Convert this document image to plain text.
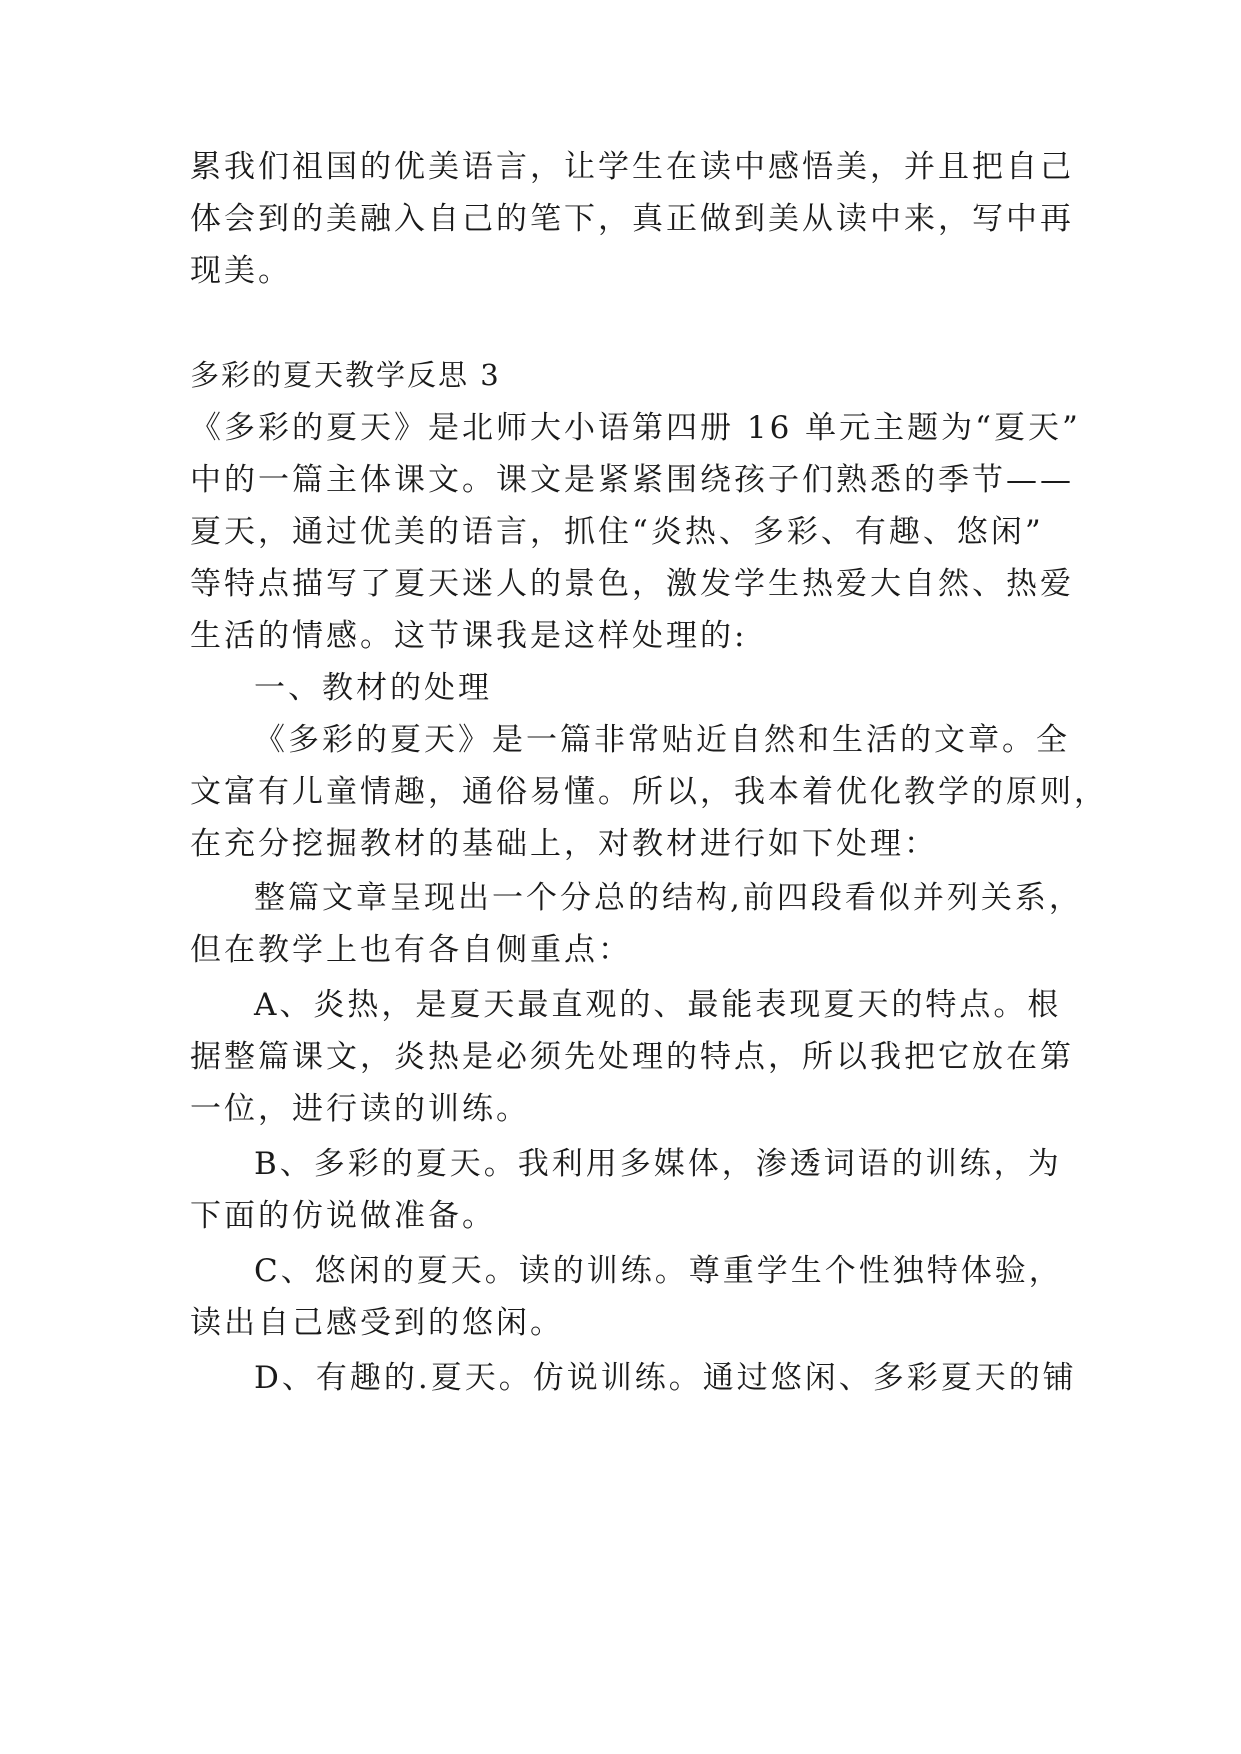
累我们祖国的优美语言，让学生在读中感悟美，并且把自己
体会到的美融入自己的笔下，真正做到美从读中来，写中再
现美。
多彩的夏天教学反思 3
《多彩的夏天》是北师大小语第四册 16 单元主题为“夏天”
中的一篇主体课文。课文是紧紧围绕孩子们熟悉的季节——
夏天，通过优美的语言，抓住“炎热、多彩、有趣、悠闲”
等特点描写了夏天迷人的景色，激发学生热爱大自然、热爱
生活的情感。这节课我是这样处理的:
一、教材的处理
《多彩的夏天》是一篇非常贴近自然和生活的文章。全
文富有儿童情趣，通俗易懂。所以，我本着优化教学的原则，
在充分挖掘教材的基础上，对教材进行如下处理：
整篇文章呈现出一个分总的结构,前四段看似并列关系，
但在教学上也有各自侧重点：
A、炎热，是夏天最直观的、最能表现夏天的特点。根
据整篇课文，炎热是必须先处理的特点，所以我把它放在第
一位，进行读的训练。
B、多彩的夏天。我利用多媒体，渗透词语的训练，为
下面的仿说做准备。
C、悠闲的夏天。读的训练。尊重学生个性独特体验，
读出自己感受到的悠闲。
D、有趣的.夏天。仿说训练。通过悠闲、多彩夏天的铺
